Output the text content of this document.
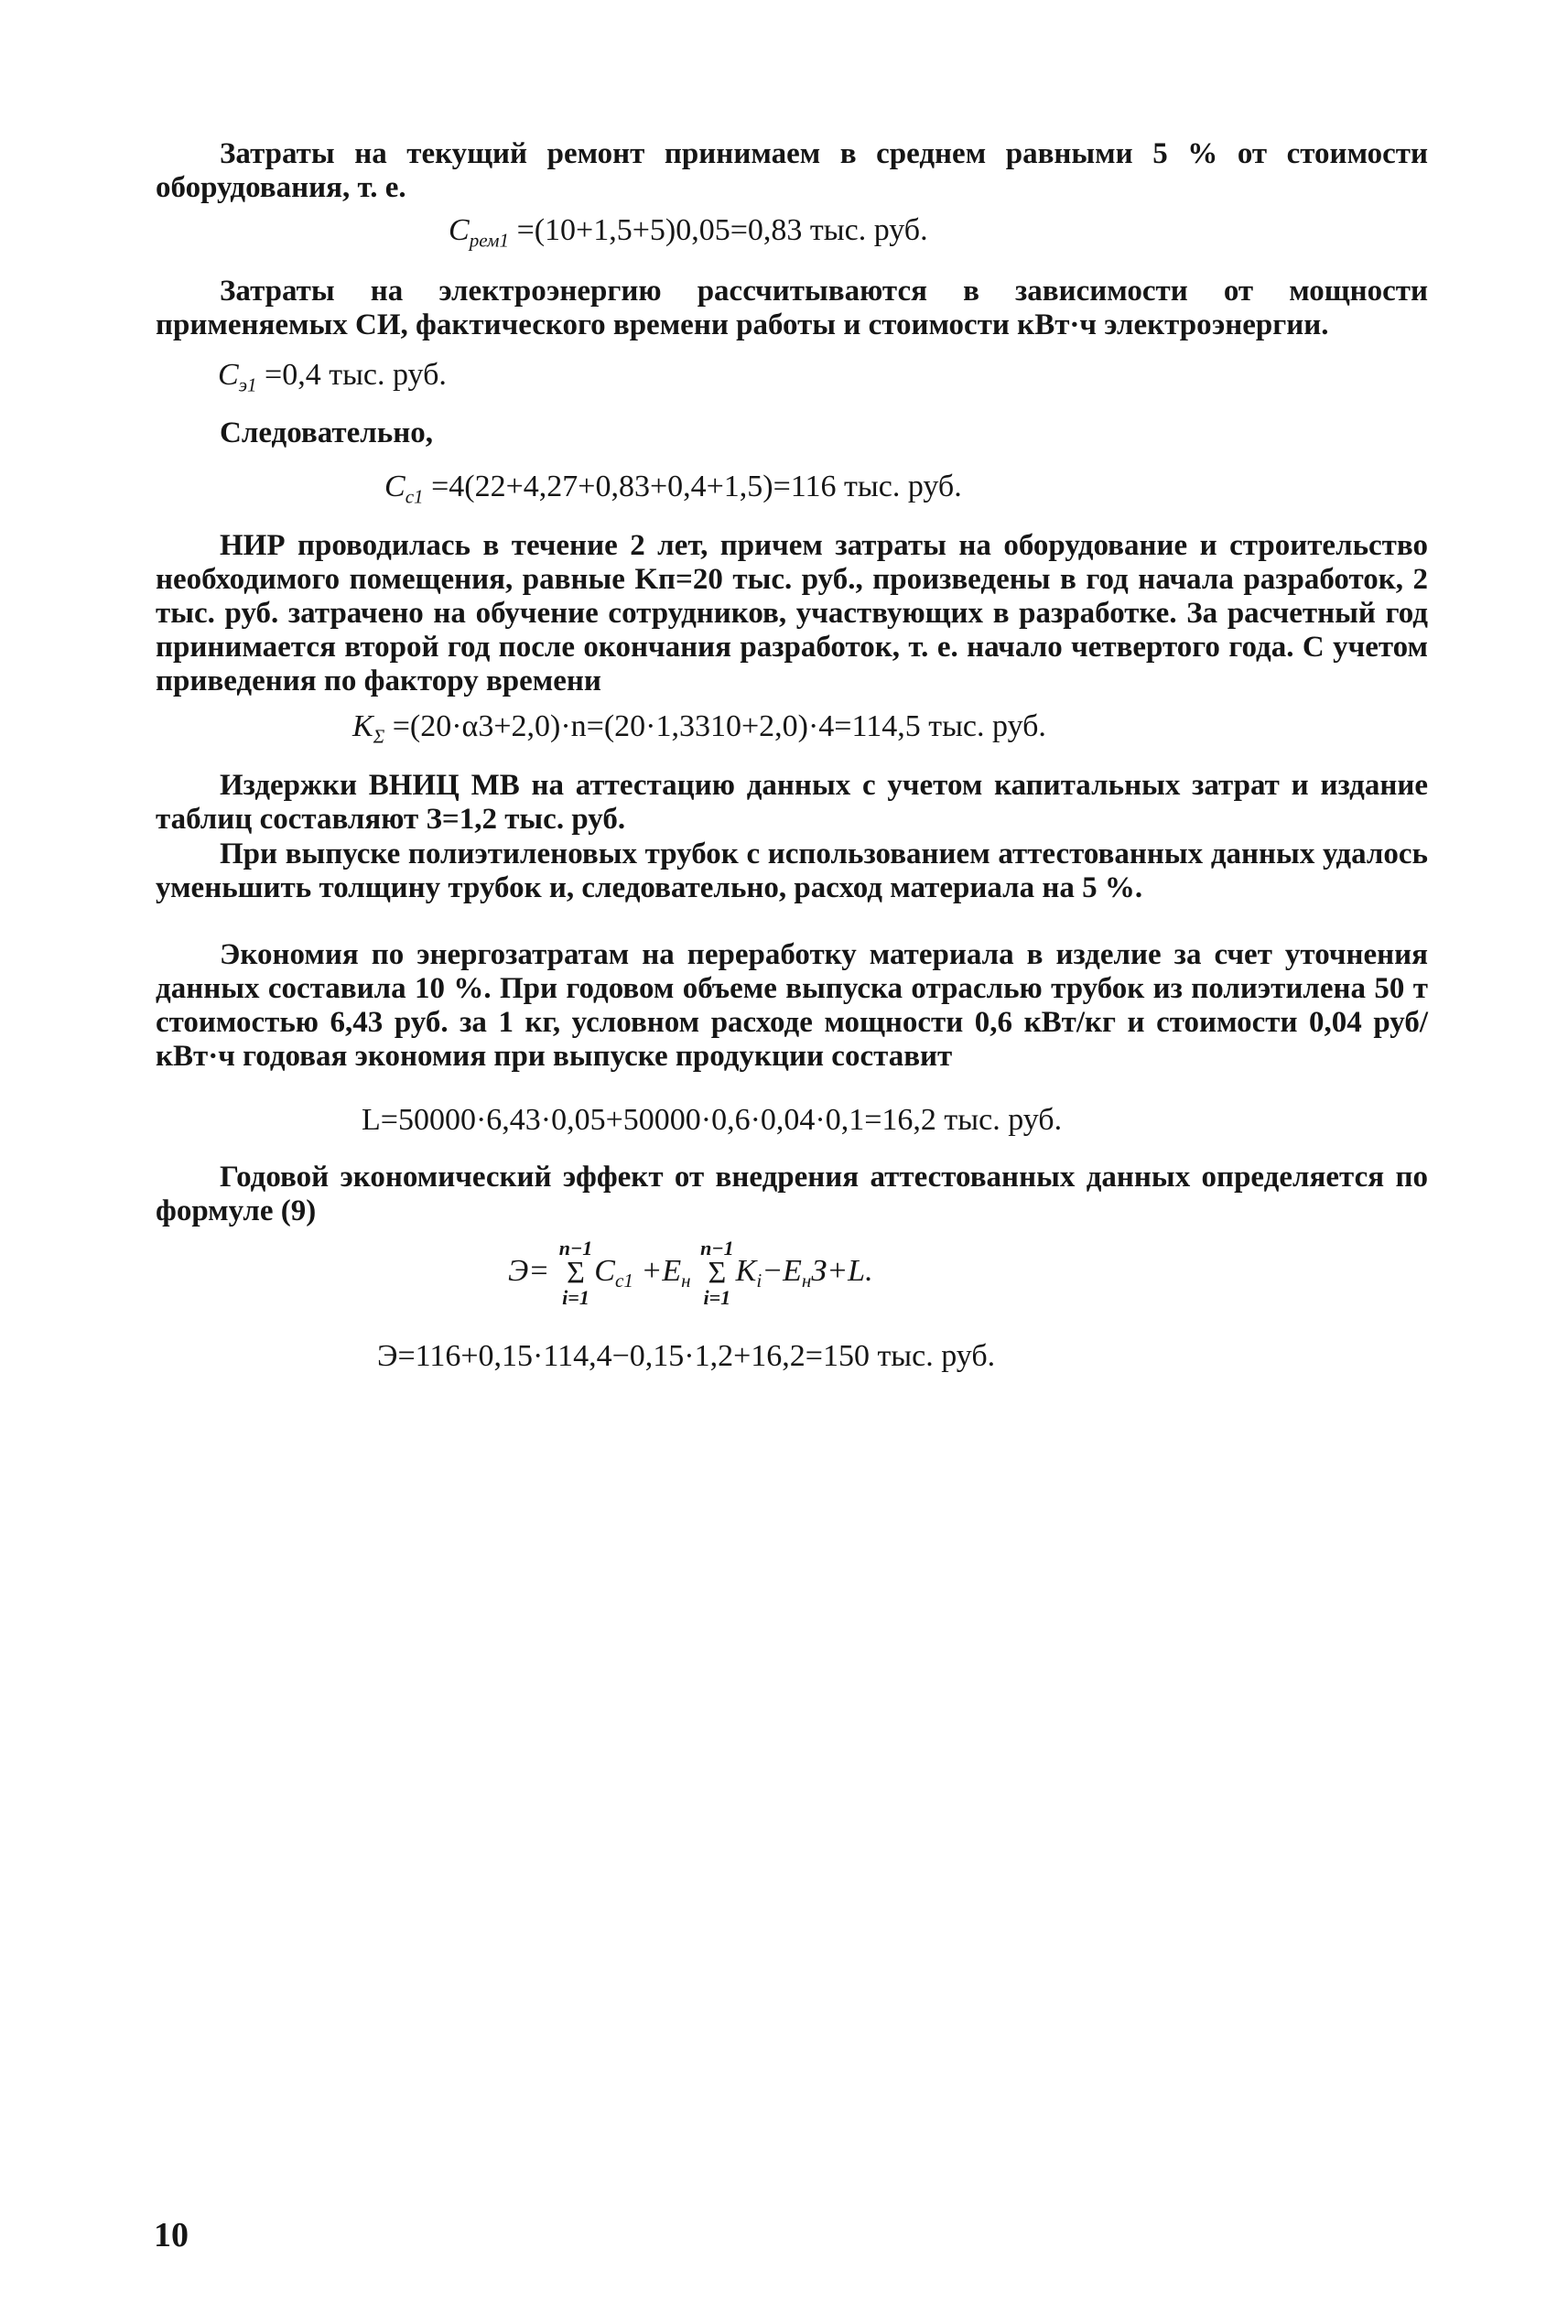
Затраты на текущий ремонт принимаем в среднем равными 5 % от стоимости оборудования, т. е.

$C_{рем1} =(10+1,5+5)0,05=0,83$ тыс. руб.

Затраты на электроэнергию рассчитываются в зависимости от мощности применяемых СИ, фактического времени работы и стоимости кВт·ч электроэнергии.

$C_{э1} =0,4$ тыс. руб.

Следовательно,

$C_{c1} =4(22+4,27+0,83+0,4+1,5)=116$ тыс. руб.

НИР проводилась в течение 2 лет, причем затраты на оборудование и строительство необходимого помещения, равные Kп=20 тыс. руб., произведены в год начала разработок, 2 тыс. руб. затрачено на обучение сотрудников, участвующих в разработке. За расчетный год принимается второй год после окончания разработок, т. е. начало четвертого года. С учетом приведения по фактору времени

$K_\Sigma =(20\cdot\alpha 3+2,0)\cdot n=(20\cdot 1,3310+2,0)\cdot 4=114,5$ тыс. руб.

Издержки ВНИЦ МВ на аттестацию данных с учетом капитальных затрат и издание таблиц составляют З=1,2 тыс. руб.

При выпуске полиэтиленовых трубок с использованием аттестованных данных удалось уменьшить толщину трубок и, следовательно, расход материала на 5 %.

Экономия по энергозатратам на переработку материала в изделие за счет уточнения данных составила 10 %. При годовом объеме выпуска отраслью трубок из полиэтилена 50 т стоимостью 6,43 руб. за 1 кг, условном расходе мощности 0,6 кВт/кг и стоимости 0,04 руб/кВт·ч годовая экономия при выпуске продукции составит

L=50000·6,43·0,05+50000·0,6·0,04·0,1=16,2 тыс. руб.

Годовой экономический эффект от внедрения аттестованных данных определяется по формуле (9)

Э=
n−1
Σ
i=1
$C_{c1} +E_н$
n−1
Σ
i=1
$K_i-E_нЗ+L$.
Э=116+0,15·114,4−0,15·1,2+16,2=150 тыс. руб.
10
